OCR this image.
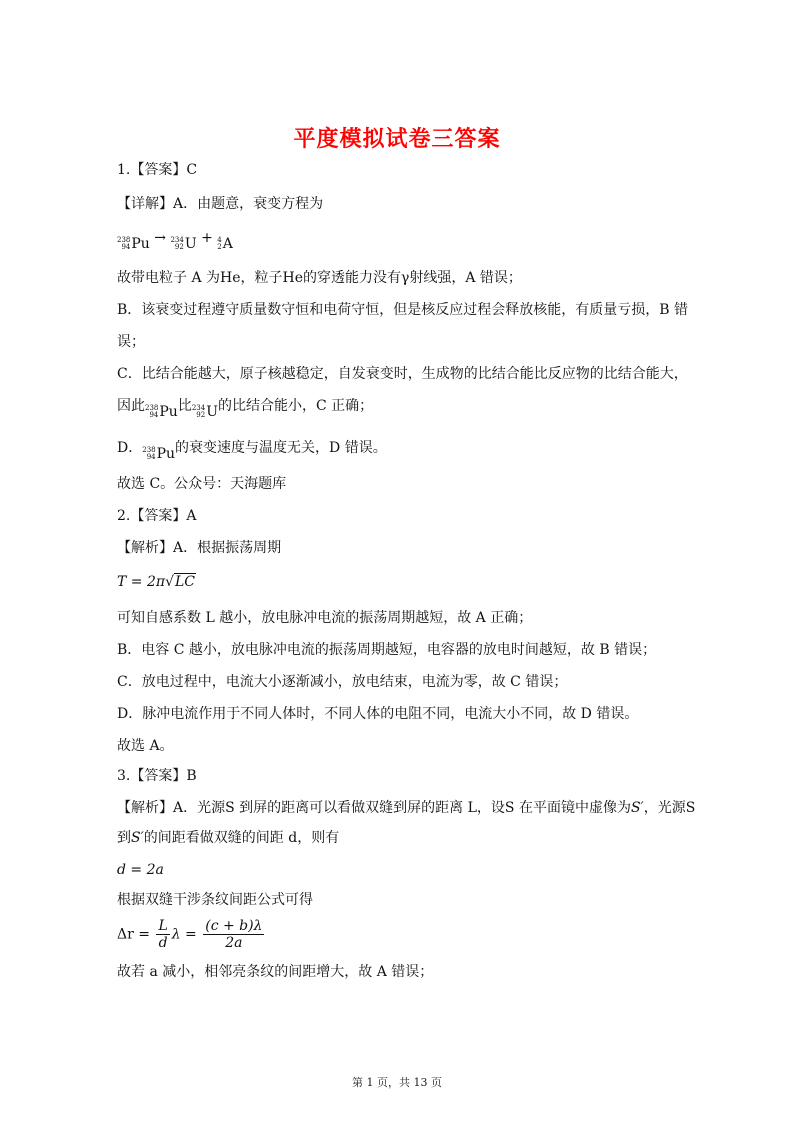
平度模拟试卷三答案
1.【答案】C
【详解】A．由题意，衰变方程为
238
94 Pu → 234
92 U + 4
2 A
故带电粒子 A 为He，粒子He的穿透能力没有γ射线强，A 错误；
B．该衰变过程遵守质量数守恒和电荷守恒，但是核反应过程会释放核能，有质量亏损，B 错
误；
C．比结合能越大，原子核越稳定，自发衰变时，生成物的比结合能比反应物的比结合能大，
因此 238
94 Pu 比 234
92 U 的比结合能小，C 正确；
D． 238
94 Pu 的衰变速度与温度无关，D 错误。
故选 C。公众号：天海题库
2.【答案】A
【解析】A．根据振荡周期
T = 2π√LC
可知自感系数 L 越小，放电脉冲电流的振荡周期越短，故 A 正确；
B．电容 C 越小，放电脉冲电流的振荡周期越短，电容器的放电时间越短，故 B 错误；
C．放电过程中，电流大小逐渐减小，放电结束，电流为零，故 C 错误；
D．脉冲电流作用于不同人体时，不同人体的电阻不同，电流大小不同，故 D 错误。
故选 A。
3.【答案】B
【解析】A．光源S 到屏的距离可以看做双缝到屏的距离 L，设S 在平面镜中虚像为S′，光源S
到S′的间距看做双缝的间距 d，则有
d = 2a
根据双缝干涉条纹间距公式可得
$\Delta r = \frac{L}{d}$ $\lambda = \frac{(c + b)\lambda}{2a}$
故若 a 减小，相邻亮条纹的间距增大，故 A 错误；
第 1 页，共 13 页
